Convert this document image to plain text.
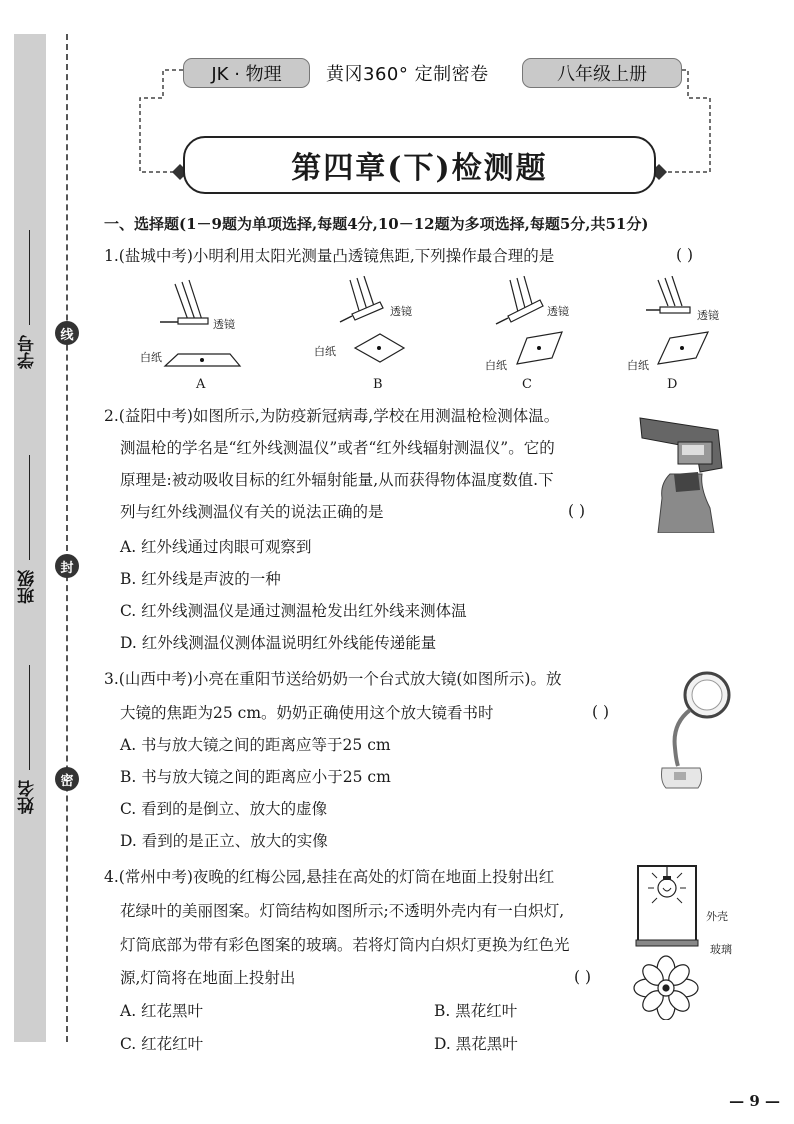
学号
班级
姓名
线
封
密
JK · 物理	黄冈360° 定制密卷	八年级上册
第四章(下)检测题
一、选择题(1－9题为单项选择,每题4分,10－12题为多项选择,每题5分,共51分)
1.(盐城中考)小明利用太阳光测量凸透镜焦距,下列操作最合理的是	( )
透镜
透镜	透镜	透镜
白纸	白纸
白纸	白纸
A	B	C	D
2.(益阳中考)如图所示,为防疫新冠病毒,学校在用测温枪检测体温。
测温枪的学名是“红外线测温仪”或者“红外线辐射测温仪”。它的
原理是:被动吸收目标的红外辐射能量,从而获得物体温度数值.下
列与红外线测温仪有关的说法正确的是	( )
A. 红外线通过肉眼可观察到
B. 红外线是声波的一种
C. 红外线测温仪是通过测温枪发出红外线来测体温
D. 红外线测温仪测体温说明红外线能传递能量
3.(山西中考)小亮在重阳节送给奶奶一个台式放大镜(如图所示)。放
大镜的焦距为25 cm。奶奶正确使用这个放大镜看书时	( )
A. 书与放大镜之间的距离应等于25 cm
B. 书与放大镜之间的距离应小于25 cm
C. 看到的是倒立、放大的虚像
D. 看到的是正立、放大的实像
4.(常州中考)夜晚的红梅公园,悬挂在高处的灯筒在地面上投射出红
花绿叶的美丽图案。灯筒结构如图所示;不透明外壳内有一白炽灯,
灯筒底部为带有彩色图案的玻璃。若将灯筒内白炽灯更换为红色光
源,灯筒将在地面上投射出	( )
A. 红花黑叶	B. 黑花红叶
C. 红花红叶	D. 黑花黑叶
外壳
玻璃
— 9 —
